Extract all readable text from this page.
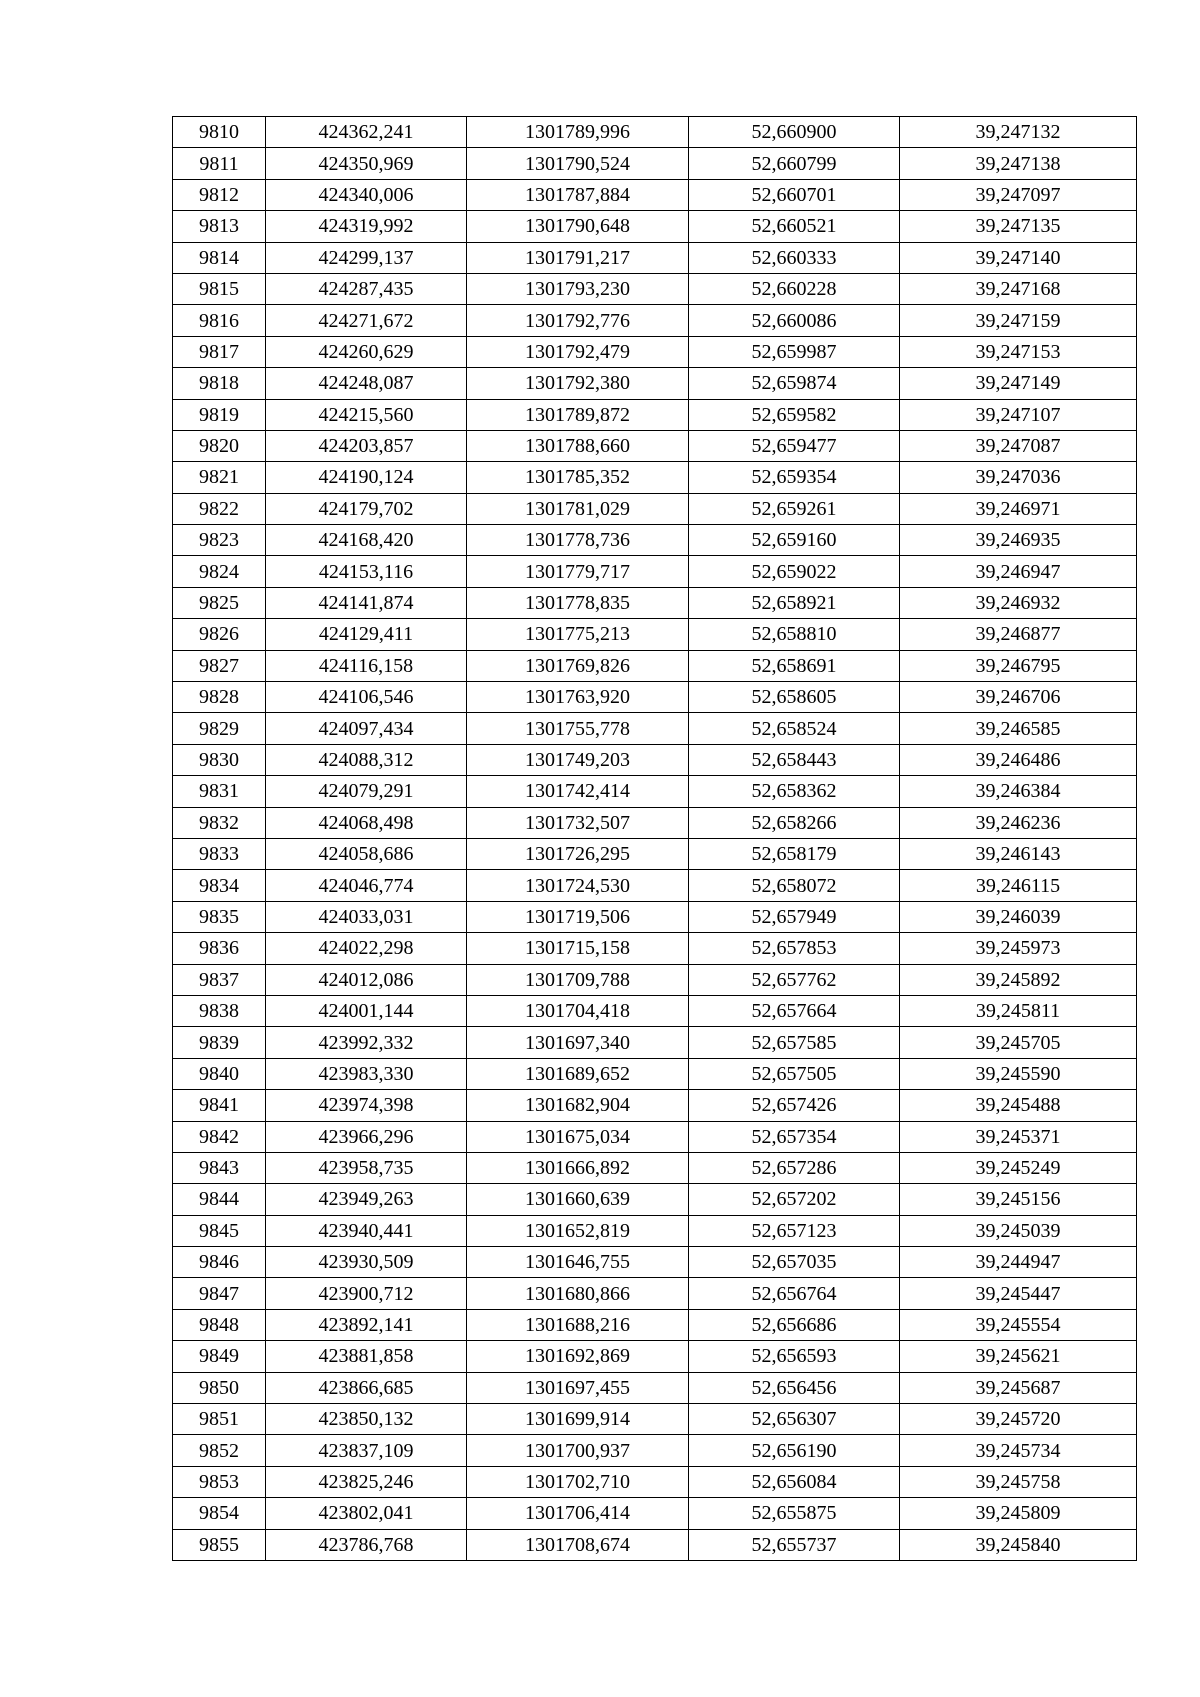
9810	424362,241	1301789,996	52,660900	39,247132
9811	424350,969	1301790,524	52,660799	39,247138
9812	424340,006	1301787,884	52,660701	39,247097
9813	424319,992	1301790,648	52,660521	39,247135
9814	424299,137	1301791,217	52,660333	39,247140
9815	424287,435	1301793,230	52,660228	39,247168
9816	424271,672	1301792,776	52,660086	39,247159
9817	424260,629	1301792,479	52,659987	39,247153
9818	424248,087	1301792,380	52,659874	39,247149
9819	424215,560	1301789,872	52,659582	39,247107
9820	424203,857	1301788,660	52,659477	39,247087
9821	424190,124	1301785,352	52,659354	39,247036
9822	424179,702	1301781,029	52,659261	39,246971
9823	424168,420	1301778,736	52,659160	39,246935
9824	424153,116	1301779,717	52,659022	39,246947
9825	424141,874	1301778,835	52,658921	39,246932
9826	424129,411	1301775,213	52,658810	39,246877
9827	424116,158	1301769,826	52,658691	39,246795
9828	424106,546	1301763,920	52,658605	39,246706
9829	424097,434	1301755,778	52,658524	39,246585
9830	424088,312	1301749,203	52,658443	39,246486
9831	424079,291	1301742,414	52,658362	39,246384
9832	424068,498	1301732,507	52,658266	39,246236
9833	424058,686	1301726,295	52,658179	39,246143
9834	424046,774	1301724,530	52,658072	39,246115
9835	424033,031	1301719,506	52,657949	39,246039
9836	424022,298	1301715,158	52,657853	39,245973
9837	424012,086	1301709,788	52,657762	39,245892
9838	424001,144	1301704,418	52,657664	39,245811
9839	423992,332	1301697,340	52,657585	39,245705
9840	423983,330	1301689,652	52,657505	39,245590
9841	423974,398	1301682,904	52,657426	39,245488
9842	423966,296	1301675,034	52,657354	39,245371
9843	423958,735	1301666,892	52,657286	39,245249
9844	423949,263	1301660,639	52,657202	39,245156
9845	423940,441	1301652,819	52,657123	39,245039
9846	423930,509	1301646,755	52,657035	39,244947
9847	423900,712	1301680,866	52,656764	39,245447
9848	423892,141	1301688,216	52,656686	39,245554
9849	423881,858	1301692,869	52,656593	39,245621
9850	423866,685	1301697,455	52,656456	39,245687
9851	423850,132	1301699,914	52,656307	39,245720
9852	423837,109	1301700,937	52,656190	39,245734
9853	423825,246	1301702,710	52,656084	39,245758
9854	423802,041	1301706,414	52,655875	39,245809
9855	423786,768	1301708,674	52,655737	39,245840
